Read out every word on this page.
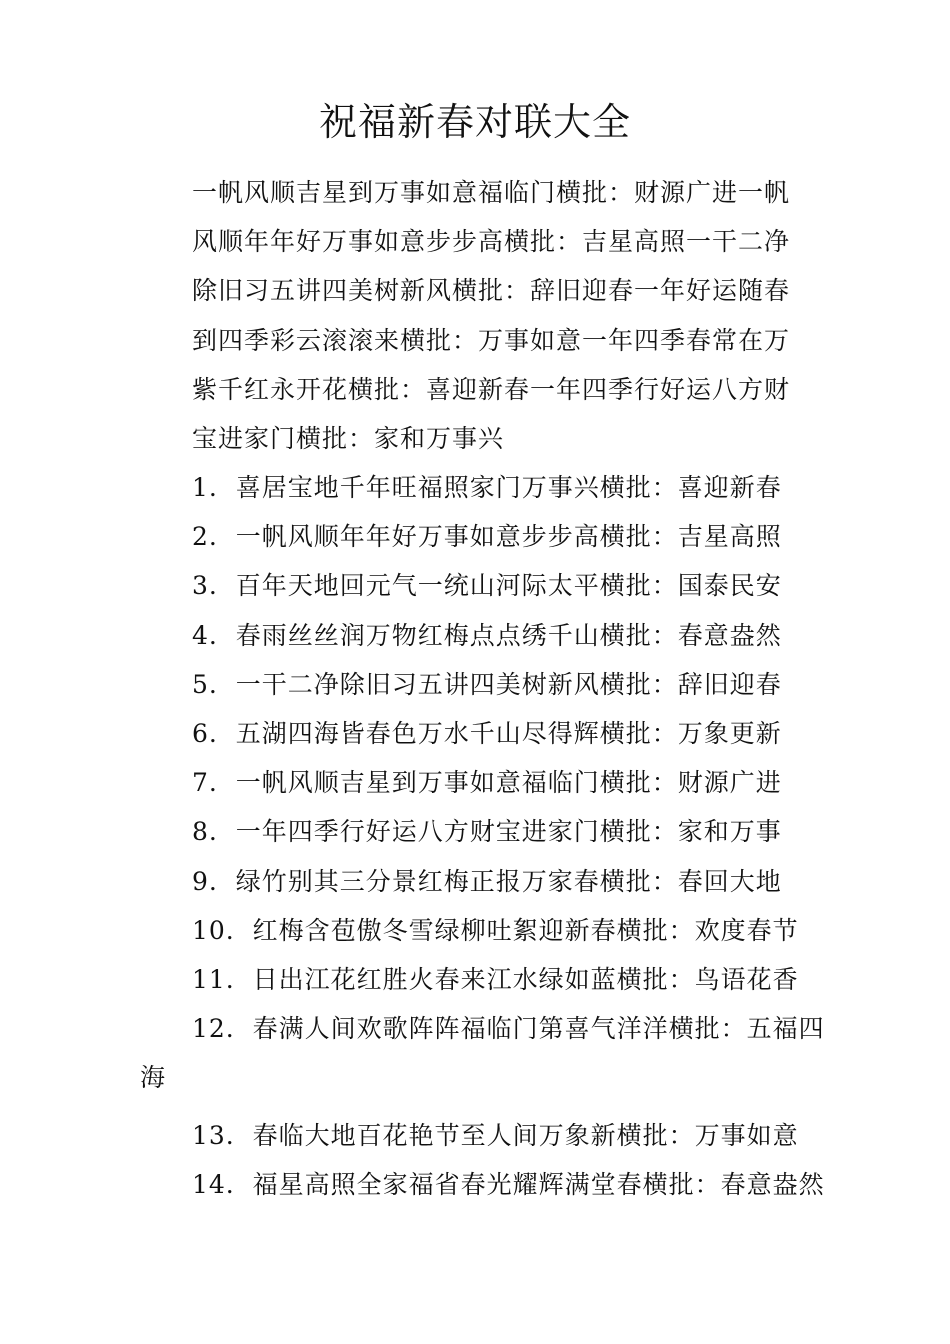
祝福新春对联大全

一帆风顺吉星到万事如意福临门横批：财源广进一帆风顺年年好万事如意步步高横批：吉星高照一干二净除旧习五讲四美树新风横批：辞旧迎春一年好运随春到四季彩云滚滚来横批：万事如意一年四季春常在万紫千红永开花横批：喜迎新春一年四季行好运八方财宝进家门横批：家和万事兴

1. 喜居宝地千年旺福照家门万事兴横批：喜迎新春
2. 一帆风顺年年好万事如意步步高横批：吉星高照
3. 百年天地回元气一统山河际太平横批：国泰民安
4. 春雨丝丝润万物红梅点点绣千山横批：春意盎然
5. 一干二净除旧习五讲四美树新风横批：辞旧迎春
6. 五湖四海皆春色万水千山尽得辉横批：万象更新
7. 一帆风顺吉星到万事如意福临门横批：财源广进
8. 一年四季行好运八方财宝进家门横批：家和万事
9. 绿竹别其三分景红梅正报万家春横批：春回大地
10. 红梅含苞傲冬雪绿柳吐絮迎新春横批：欢度春节
11. 日出江花红胜火春来江水绿如蓝横批：鸟语花香
12. 春满人间欢歌阵阵福临门第喜气洋洋横批：五福四
海
13. 春临大地百花艳节至人间万象新横批：万事如意
14. 福星高照全家福省春光耀辉满堂春横批：春意盎然
